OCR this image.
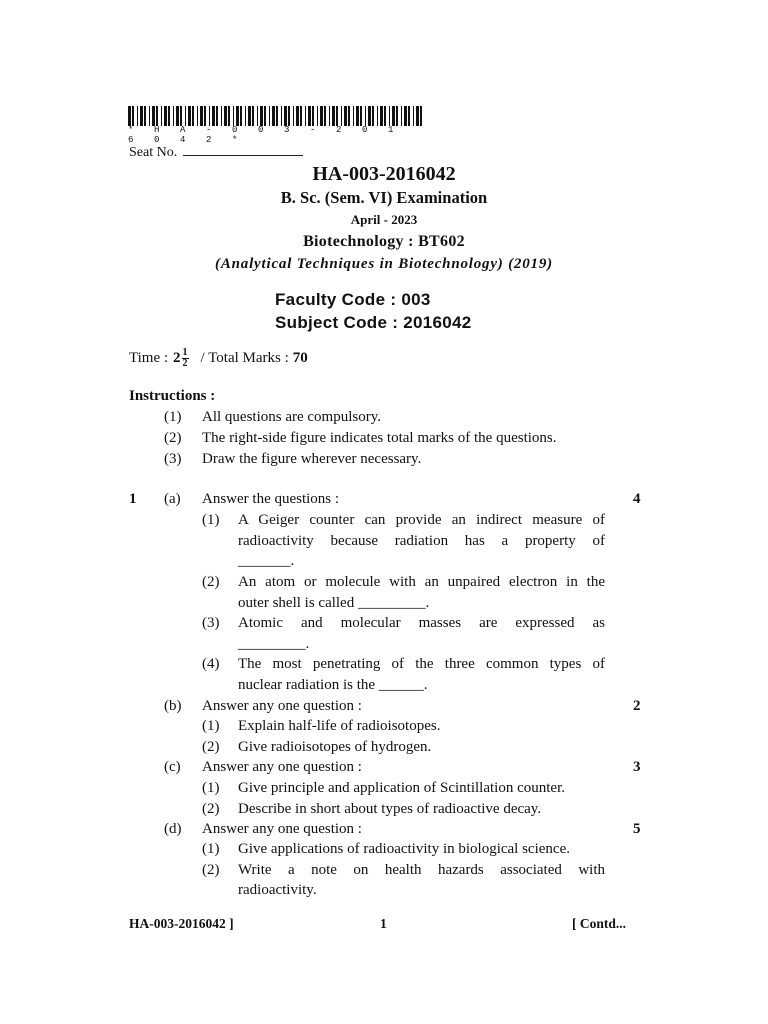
* H A - 0 0 3 - 2 0 1 6 0 4 2 *
Seat No.
HA-003-2016042
B. Sc. (Sem. VI) Examination
April - 2023
Biotechnology : BT602
(Analytical Techniques in Biotechnology) (2019)
Faculty Code : 003
Subject Code : 2016042
Time : $2 \frac{1}{2}$ / Total Marks : 70
Instructions :
(1) All questions are compulsory.
(2) The right-side figure indicates total marks of the questions.
(3) Draw the figure wherever necessary.
1 (a) Answer the questions :	4
(1) A Geiger counter can provide an indirect measure of
radioactivity because radiation has a property of
_______.
(2) An atom or molecule with an unpaired electron in the
outer shell is called _________.
(3) Atomic and molecular masses are expressed as
_________.
(4) The most penetrating of the three common types of
nuclear radiation is the ______.
(b) Answer any one question :	2
(1) Explain half-life of radioisotopes.
(2) Give radioisotopes of hydrogen.
(c) Answer any one question :	3
(1) Give principle and application of Scintillation counter.
(2) Describe in short about types of radioactive decay.
(d) Answer any one question :	5
(1) Give applications of radioactivity in biological science.
(2) Write a note on health hazards associated with
radioactivity.
HA-003-2016042 ]	1	[ Contd...
